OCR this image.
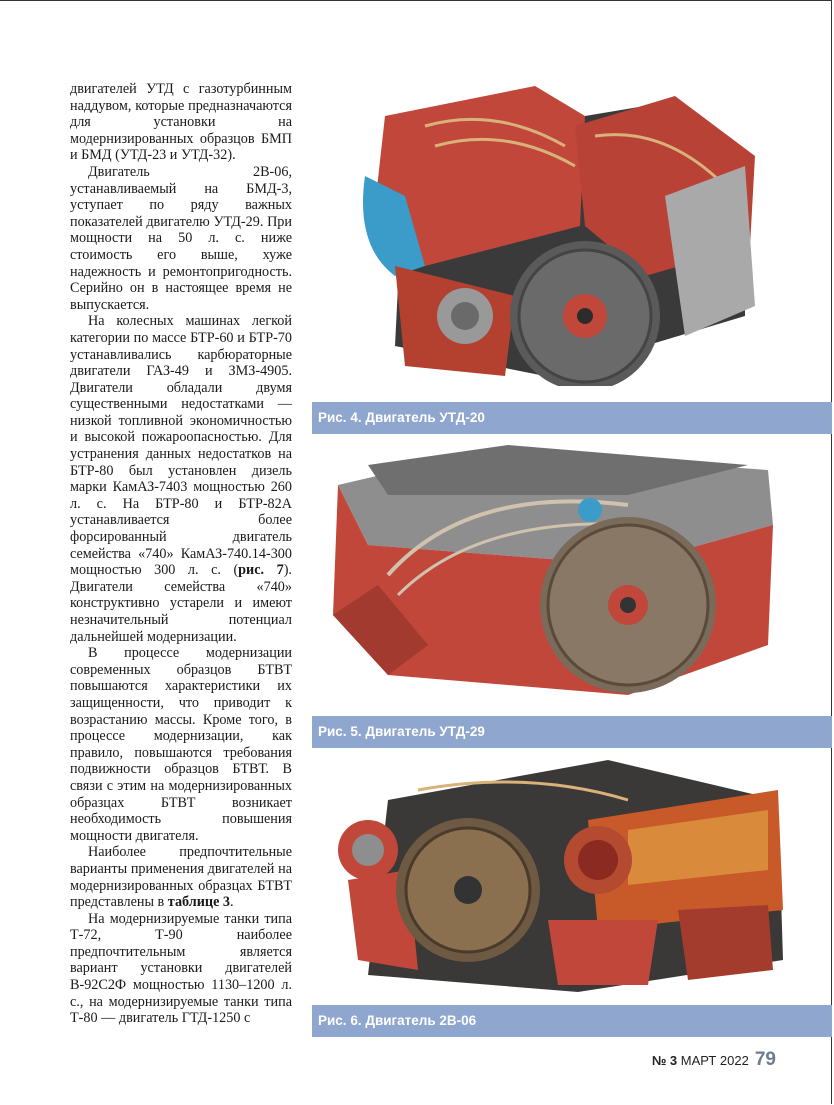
двигателей УТД с газотурбинным наддувом, которые предназначаются для установки на модернизированных образцов БМП и БМД (УТД-23 и УТД-32).

Двигатель 2В-06, устанавливаемый на БМД-3, уступает по ряду важных показателей двигателю УТД-29. При мощности на 50 л. с. ниже стоимость его выше, хуже надежность и ремонтопригодность. Серийно он в настоящее время не выпускается.

На колесных машинах легкой категории по массе БТР-60 и БТР-70 устанавливались карбюраторные двигатели ГАЗ-49 и ЗМЗ-4905. Двигатели обладали двумя существенными недостатками — низкой топливной экономичностью и высокой пожароопасностью. Для устранения данных недостатков на БТР-80 был установлен дизель марки КамАЗ-7403 мощностью 260 л. с. На БТР-80 и БТР-82А устанавливается более форсированный двигатель семейства «740» КамАЗ-740.14-300 мощностью 300 л. с. (рис. 7). Двигатели семейства «740» конструктивно устарели и имеют незначительный потенциал дальнейшей модернизации.

В процессе модернизации современных образцов БТВТ повышаются характеристики их защищенности, что приводит к возрастанию массы. Кроме того, в процессе модернизации, как правило, повышаются требования подвижности образцов БТВТ. В связи с этим на модернизированных образцах БТВТ возникает необходимость повышения мощности двигателя.

Наиболее предпочтительные варианты применения двигателей на модернизированных образцах БТВТ представлены в таблице 3.

На модернизируемые танки типа Т-72, Т-90 наиболее предпочтительным является вариант установки двигателей В-92С2Ф мощностью 1130–1200 л. с., на модернизируемые танки типа Т-80 — двигатель ГТД-1250 с

Рис. 4. Двигатель УТД-20
Рис. 5. Двигатель УТД-29
Рис. 6. Двигатель 2В-06
№ 3 МАРТ 2022 79
